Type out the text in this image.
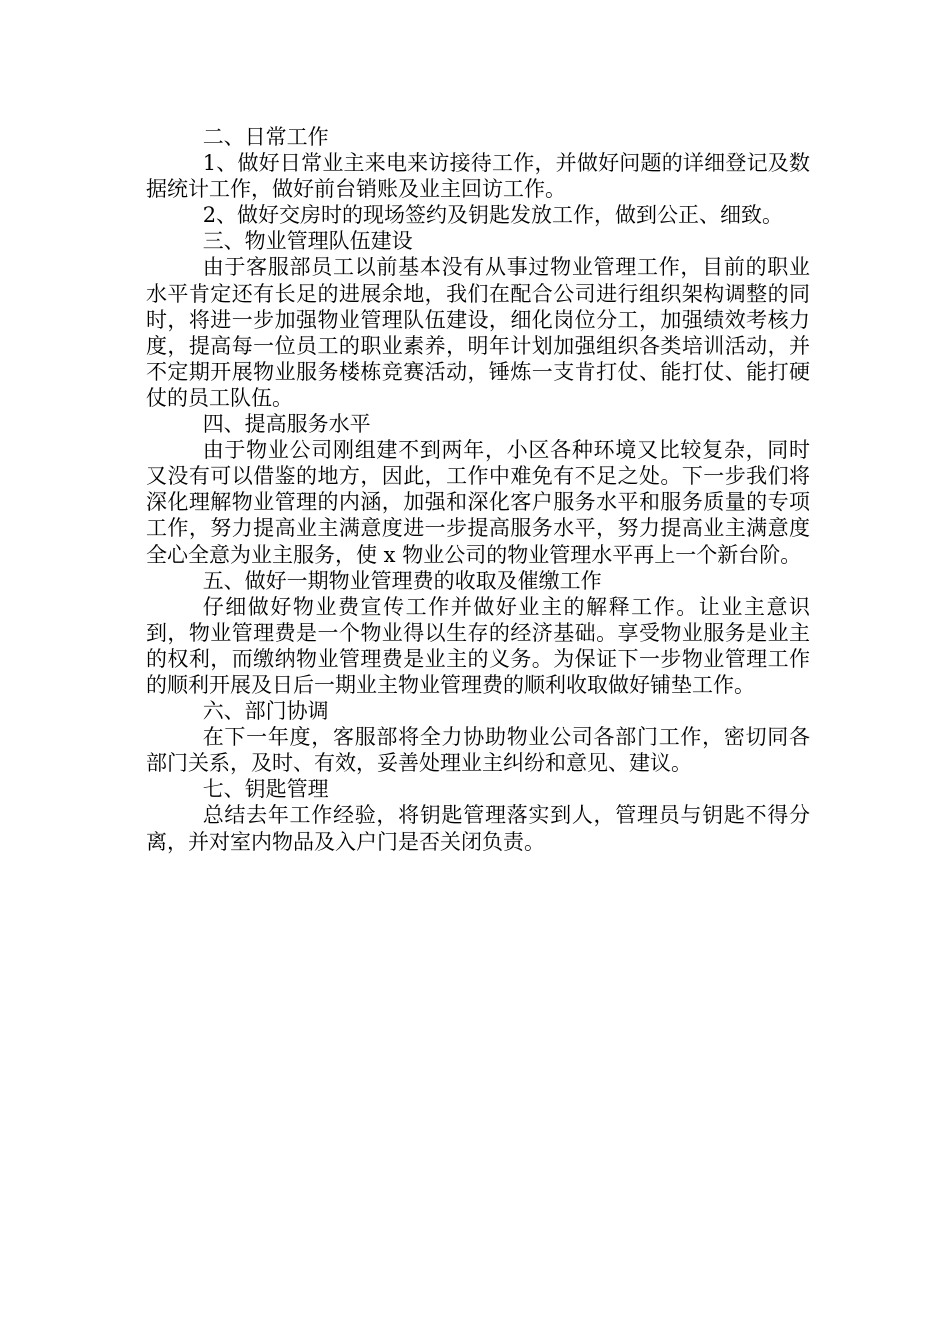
二、日常工作

1、做好日常业主来电来访接待工作，并做好问题的详细登记及数据统计工作，做好前台销账及业主回访工作。

2、做好交房时的现场签约及钥匙发放工作，做到公正、细致。

三、物业管理队伍建设

由于客服部员工以前基本没有从事过物业管理工作，目前的职业水平肯定还有长足的进展余地，我们在配合公司进行组织架构调整的同时，将进一步加强物业管理队伍建设，细化岗位分工，加强绩效考核力度，提高每一位员工的职业素养，明年计划加强组织各类培训活动，并不定期开展物业服务楼栋竞赛活动，锤炼一支肯打仗、能打仗、能打硬仗的员工队伍。

四、提高服务水平

由于物业公司刚组建不到两年，小区各种环境又比较复杂，同时又没有可以借鉴的地方，因此，工作中难免有不足之处。下一步我们将深化理解物业管理的内涵，加强和深化客户服务水平和服务质量的专项工作，努力提高业主满意度进一步提高服务水平，努力提高业主满意度全心全意为业主服务，使 x 物业公司的物业管理水平再上一个新台阶。

五、做好一期物业管理费的收取及催缴工作

仔细做好物业费宣传工作并做好业主的解释工作。让业主意识到，物业管理费是一个物业得以生存的经济基础。享受物业服务是业主的权利，而缴纳物业管理费是业主的义务。为保证下一步物业管理工作的顺利开展及日后一期业主物业管理费的顺利收取做好铺垫工作。

六、部门协调

在下一年度，客服部将全力协助物业公司各部门工作，密切同各部门关系，及时、有效，妥善处理业主纠纷和意见、建议。

七、钥匙管理

总结去年工作经验，将钥匙管理落实到人，管理员与钥匙不得分离，并对室内物品及入户门是否关闭负责。
